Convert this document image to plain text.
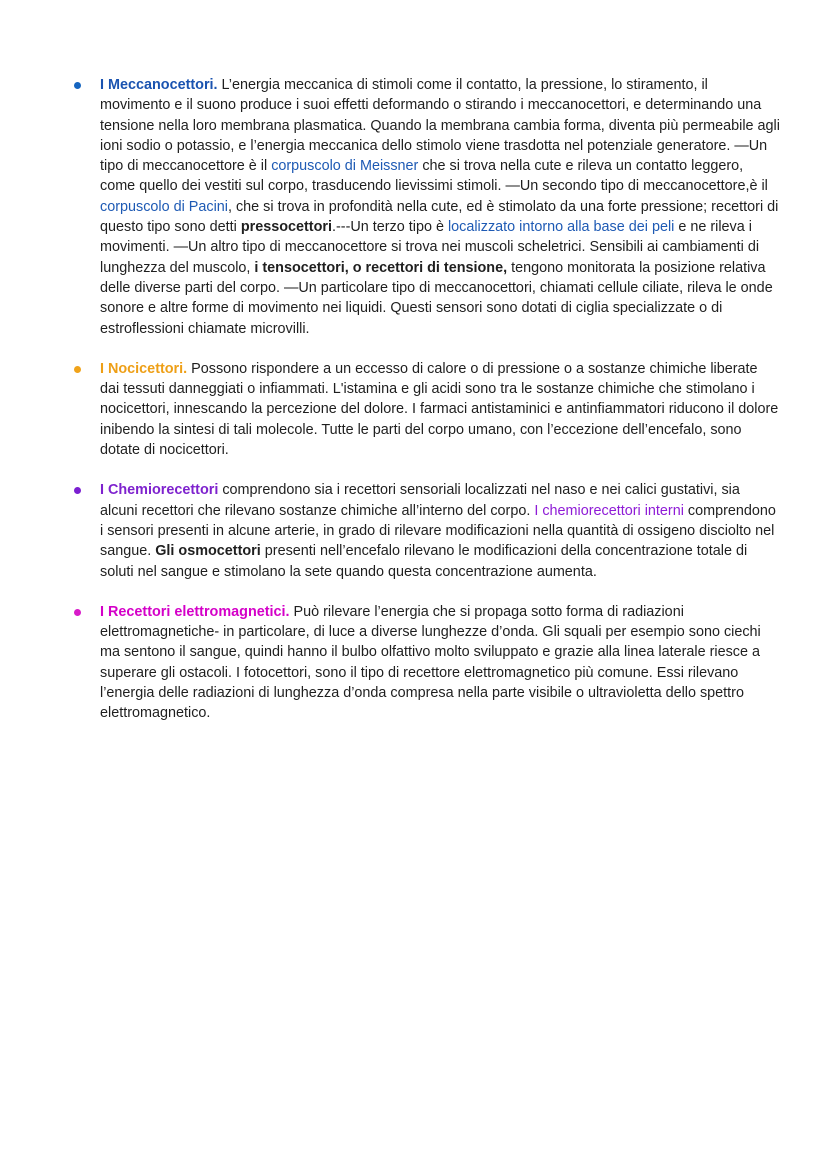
I Meccanocettori. L’energia meccanica di stimoli come il contatto, la pressione, lo stiramento, il movimento e il suono produce i suoi effetti deformando o stirando i meccanocettori, e determinando una tensione nella loro membrana plasmatica. Quando la membrana cambia forma, diventa più permeabile agli ioni sodio o potassio, e l’energia meccanica dello stimolo viene trasdotta nel potenziale generatore. —Un tipo di meccanocettore è il corpuscolo di Meissner che si trova nella cute e rileva un contatto leggero, come quello dei vestiti sul corpo, trasducendo lievissimi stimoli. —Un secondo tipo di meccanocettore,è il corpuscolo di Pacini, che si trova in profondità nella cute, ed è stimolato da una forte pressione; recettori di questo tipo sono detti pressocettori.---Un terzo tipo è localizzato intorno alla base dei peli e ne rileva i movimenti. —Un altro tipo di meccanocettore si trova nei muscoli scheletrici. Sensibili ai cambiamenti di lunghezza del muscolo, i tensocettori, o recettori di tensione, tengono monitorata la posizione relativa delle diverse parti del corpo. —Un particolare tipo di meccanocettori, chiamati cellule ciliate, rileva le onde sonore e altre forme di movimento nei liquidi. Questi sensori sono dotati di ciglia specializzate o di estroflessioni chiamate microvilli.
I Nocicettori. Possono rispondere a un eccesso di calore o di pressione o a sostanze chimiche liberate dai tessuti danneggiati o infiammati. L'istamina e gli acidi sono tra le sostanze chimiche che stimolano i nocicettori, innescando la percezione del dolore. I farmaci antistaminici e antinfiammatori riducono il dolore inibendo la sintesi di tali molecole. Tutte le parti del corpo umano, con l’eccezione dell’encefalo, sono dotate di nocicettori.
I Chemiorecettori comprendono sia i recettori sensoriali localizzati nel naso e nei calici gustativi, sia alcuni recettori che rilevano sostanze chimiche all’interno del corpo. I chemiorecettori interni comprendono i sensori presenti in alcune arterie, in grado di rilevare modificazioni nella quantità di ossigeno disciolto nel sangue. Gli osmocettori presenti nell’encefalo rilevano le modificazioni della concentrazione totale di soluti nel sangue e stimolano la sete quando questa concentrazione aumenta.
I Recettori elettromagnetici. Può rilevare l’energia che si propaga sotto forma di radiazioni elettromagnetiche- in particolare, di luce a diverse lunghezze d’onda. Gli squali per esempio sono ciechi ma sentono il sangue, quindi hanno il bulbo olfattivo molto sviluppato e grazie alla linea laterale riesce a superare gli ostacoli. I fotocettori, sono il tipo di recettore elettromagnetico più comune. Essi rilevano l’energia delle radiazioni di lunghezza d’onda compresa nella parte visibile o ultravioletta dello spettro elettromagnetico.
